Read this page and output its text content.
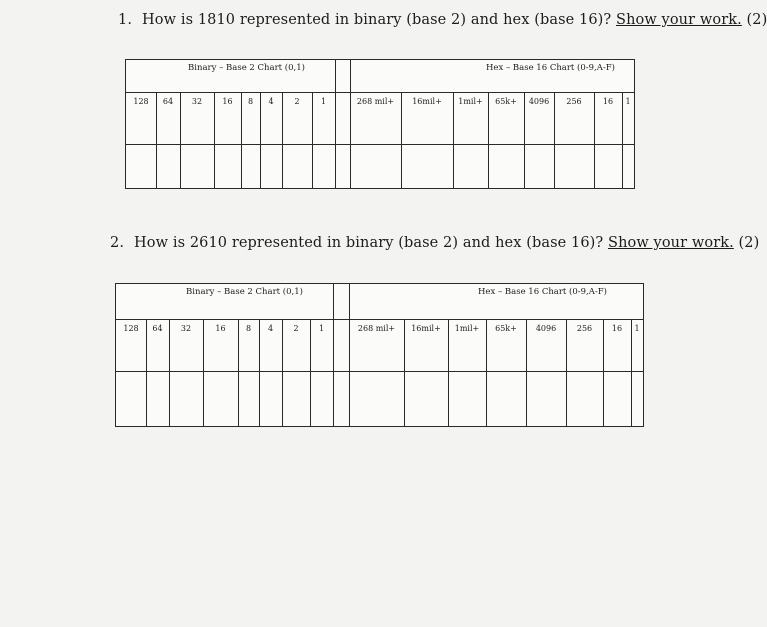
1. How is 1810 represented in binary (base 2) and hex (base 16)? Show your work. (2)
Binary – Base 2 Chart (0,1)	Hex – Base 16 Chart (0-9,A-F)
128	64	32	16	8	4	2	1	268 mil+	16mil+	1mil+	65k+	4096	256	16	1
2. How is 2610 represented in binary (base 2) and hex (base 16)? Show your work. (2)
Binary – Base 2 Chart (0,1)	Hex – Base 16 Chart (0-9,A-F)
128	64	32	16	8	4	2	1	268 mil+	16mil+	1mil+	65k+	4096	256	16	1
